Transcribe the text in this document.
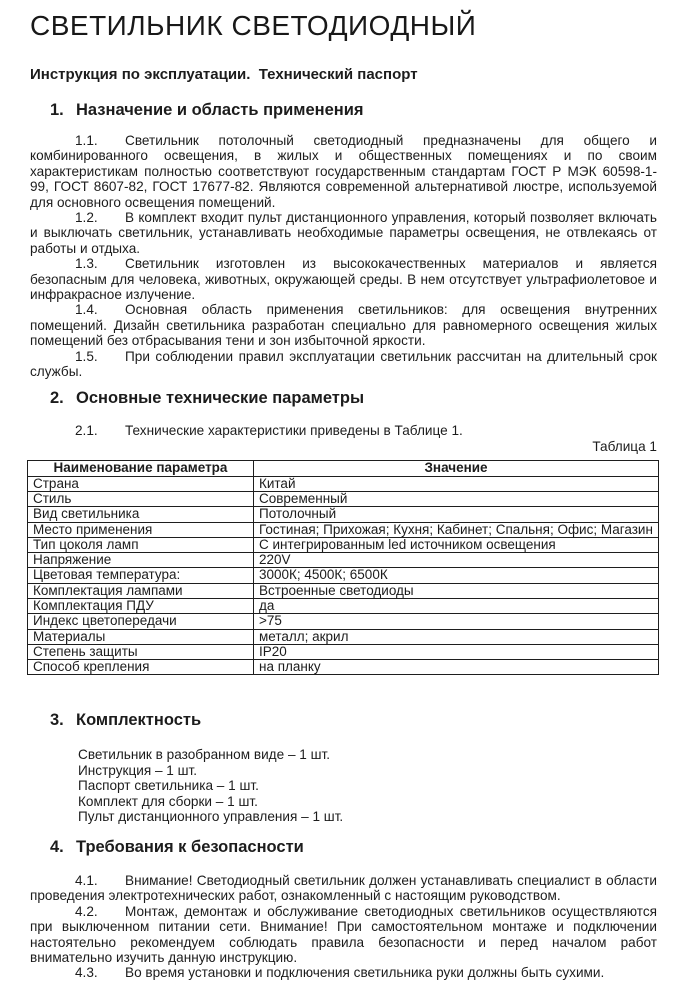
СВЕТИЛЬНИК СВЕТОДИОДНЫЙ

Инструкция по эксплуатации.  Технический паспорт

1. Назначение и область применения

1.1. Светильник потолочный светодиодный предназначены для общего и комбинированного освещения, в жилых и общественных помещениях и по своим характеристикам полностью соответствуют государственным стандартам ГОСТ Р МЭК 60598-1-99, ГОСТ 8607-82, ГОСТ 17677-82. Являются современной альтернативой люстре, используемой для основного освещения помещений.

1.2. В комплект входит пульт дистанционного управления, который позволяет включать и выключать светильник, устанавливать необходимые параметры освещения, не отвлекаясь от работы и отдыха.

1.3. Светильник изготовлен из высококачественных материалов и является безопасным для человека, животных, окружающей среды. В нем отсутствует ультрафиолетовое и инфракрасное излучение.

1.4. Основная область применения светильников: для освещения внутренних помещений. Дизайн светильника разработан специально для равномерного освещения жилых помещений без отбрасывания тени и зон избыточной яркости.

1.5. При соблюдении правил эксплуатации светильник рассчитан на длительный срок службы.

2. Основные технические параметры

2.1. Технические характеристики приведены в Таблице 1.

Таблица 1

Наименование параметра	Значение
Страна	Китай
Стиль	Современный
Вид светильника	Потолочный
Место применения	Гостиная; Прихожая; Кухня; Кабинет; Спальня; Офис; Магазин
Тип цоколя ламп	С интегрированным led источником освещения
Напряжение	220V
Цветовая температура:	3000К; 4500К; 6500К
Комплектация лампами	Встроенные светодиоды
Комплектация ПДУ	да
Индекс цветопередачи	>75
Материалы	металл; акрил
Степень защиты	IP20
Способ крепления	на планку
3. Комплектность

Светильник в разобранном виде – 1 шт.

Инструкция – 1 шт.

Паспорт светильника – 1 шт.

Комплект для сборки – 1 шт.

Пульт дистанционного управления – 1 шт.

4. Требования к безопасности

4.1. Внимание! Светодиодный светильник должен устанавливать специалист в области проведения электротехнических работ, ознакомленный с настоящим руководством.

4.2. Монтаж, демонтаж и обслуживание светодиодных светильников осуществляются при выключенном питании сети. Внимание! При самостоятельном монтаже и подключении настоятельно рекомендуем соблюдать правила безопасности и перед началом работ внимательно изучить данную инструкцию.

4.3. Во время установки и подключения светильника руки должны быть сухими.
